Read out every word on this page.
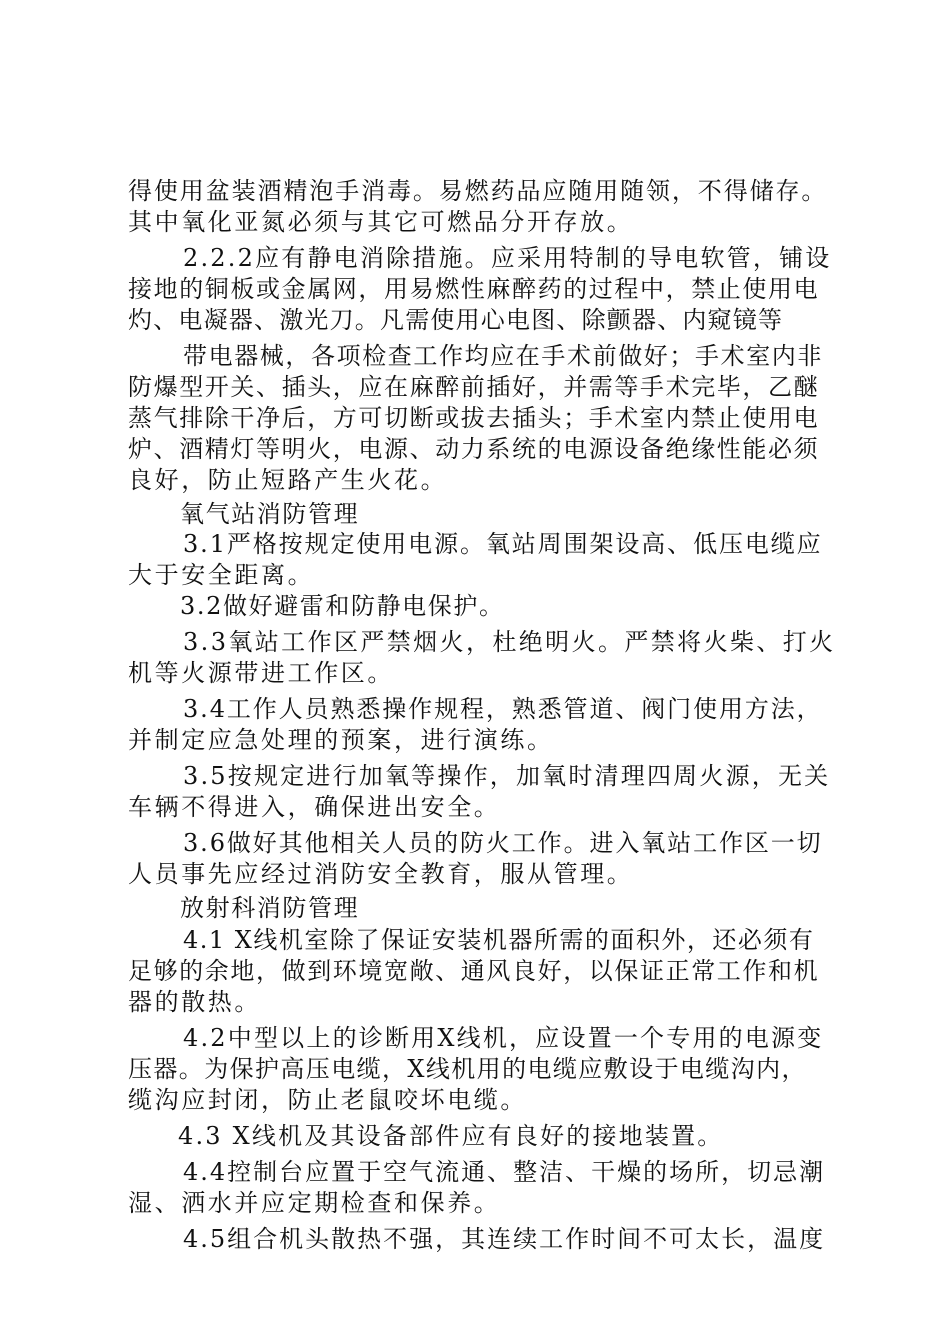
得使用盆装酒精泡手消毒。易燃药品应随用随领，不得储存。
其中氧化亚氮必须与其它可燃品分开存放。
2.2.2应有静电消除措施。应采用特制的导电软管，铺设
接地的铜板或金属网，用易燃性麻醉药的过程中，禁止使用电
灼、电凝器、激光刀。凡需使用心电图、除颤器、内窥镜等
带电器械，各项检查工作均应在手术前做好；手术室内非
防爆型开关、插头，应在麻醉前插好，并需等手术完毕，乙醚
蒸气排除干净后，方可切断或拔去插头；手术室内禁止使用电
炉、酒精灯等明火，电源、动力系统的电源设备绝缘性能必须
良好，防止短路产生火花。
氧气站消防管理
3.1严格按规定使用电源。氧站周围架设高、低压电缆应
大于安全距离。
3.2做好避雷和防静电保护。
3.3氧站工作区严禁烟火，杜绝明火。严禁将火柴、打火
机等火源带进工作区。
3.4工作人员熟悉操作规程，熟悉管道、阀门使用方法，
并制定应急处理的预案，进行演练。
3.5按规定进行加氧等操作，加氧时清理四周火源，无关
车辆不得进入，确保进出安全。
3.6做好其他相关人员的防火工作。进入氧站工作区一切
人员事先应经过消防安全教育，服从管理。
放射科消防管理
4.1 X线机室除了保证安装机器所需的面积外，还必须有
足够的余地，做到环境宽敞、通风良好，以保证正常工作和机
器的散热。
4.2中型以上的诊断用X线机，应设置一个专用的电源变
压器。为保护高压电缆，X线机用的电缆应敷设于电缆沟内，
缆沟应封闭，防止老鼠咬坏电缆。
4.3 X线机及其设备部件应有良好的接地装置。
4.4控制台应置于空气流通、整洁、干燥的场所，切忌潮
湿、洒水并应定期检查和保养。
4.5组合机头散热不强，其连续工作时间不可太长，温度
